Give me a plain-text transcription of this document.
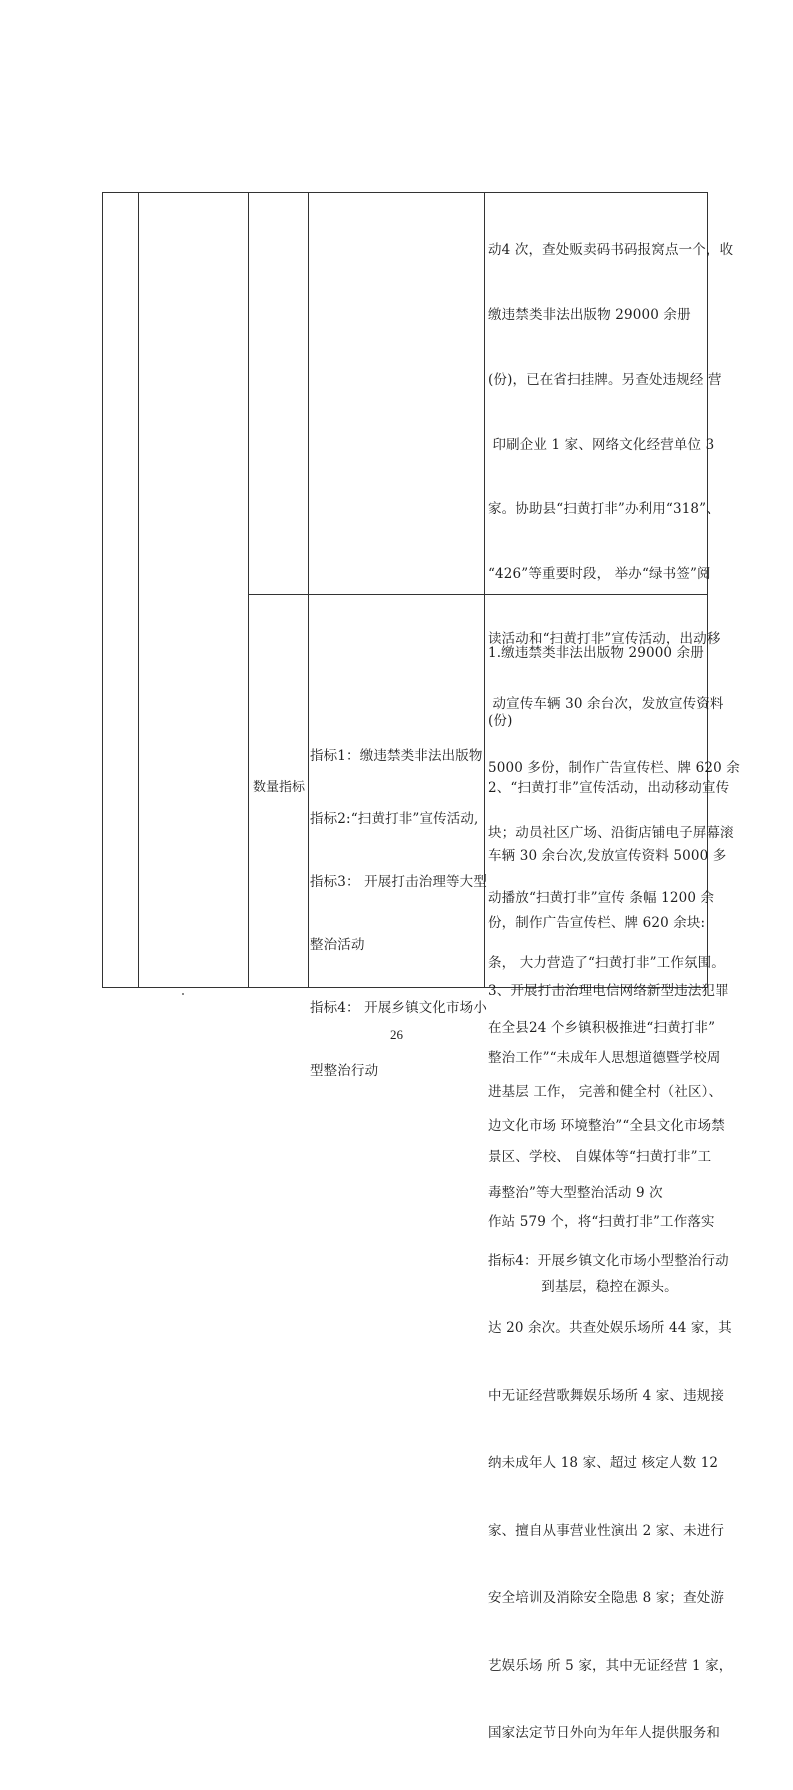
动4 次，查处贩卖码书码报窝点一个，收

缴违禁类非法出版物 29000 余册

(份)，已在省扫挂牌。另查处违规经 营

印刷企业 1 家、网络文化经营单位 3

家。协助县“扫黄打非”办利用“318”、

“426”等重要时段， 举办“绿书签”阅

读活动和“扫黄打非”宣传活动，出动移

动宣传车辆 30 余台次，发放宣传资料

5000 多份，制作广告宣传栏、牌 620 余

块；动员社区广场、沿街店铺电子屏幕滚

动播放“扫黄打非”宣传 条幅 1200 余

条， 大力营造了“扫黄打非”工作氛围。

在全县24 个乡镇积极推进“扫黄打非”

进基层 工作， 完善和健全村（社区）、

景区、学校、 自媒体等“扫黄打非”工

作站 579 个，将“扫黄打非”工作落实

到基层，稳控在源头。

数量指标

指标1：缴违禁类非法出版物

指标2:“扫黄打非”宣传活动,

指标3： 开展打击治理等大型

整治活动

指标4： 开展乡镇文化市场小

型整治行动

1.缴违禁类非法出版物 29000 余册

(份)

2、“扫黄打非”宣传活动，出动移动宣传

车辆 30 余台次,发放宣传资料 5000 多

份，制作广告宣传栏、牌 620 余块:

3、开展打击治理电信网络新型违法犯罪

整治工作”“未成年人思想道德暨学校周

边文化市场 环境整治”“全县文化市场禁

毒整治”等大型整治活动 9 次

指标4：开展乡镇文化市场小型整治行动

达 20 余次。共查处娱乐场所 44 家，其

中无证经营歌舞娱乐场所 4 家、违规接

纳未成年人 18 家、超过 核定人数 12

家、擅自从事营业性演出 2 家、未进行

安全培训及消除安全隐患 8 家；查处游

艺娱乐场 所 5 家，其中无证经营 1 家，

国家法定节日外向为年年人提供服务和

26
